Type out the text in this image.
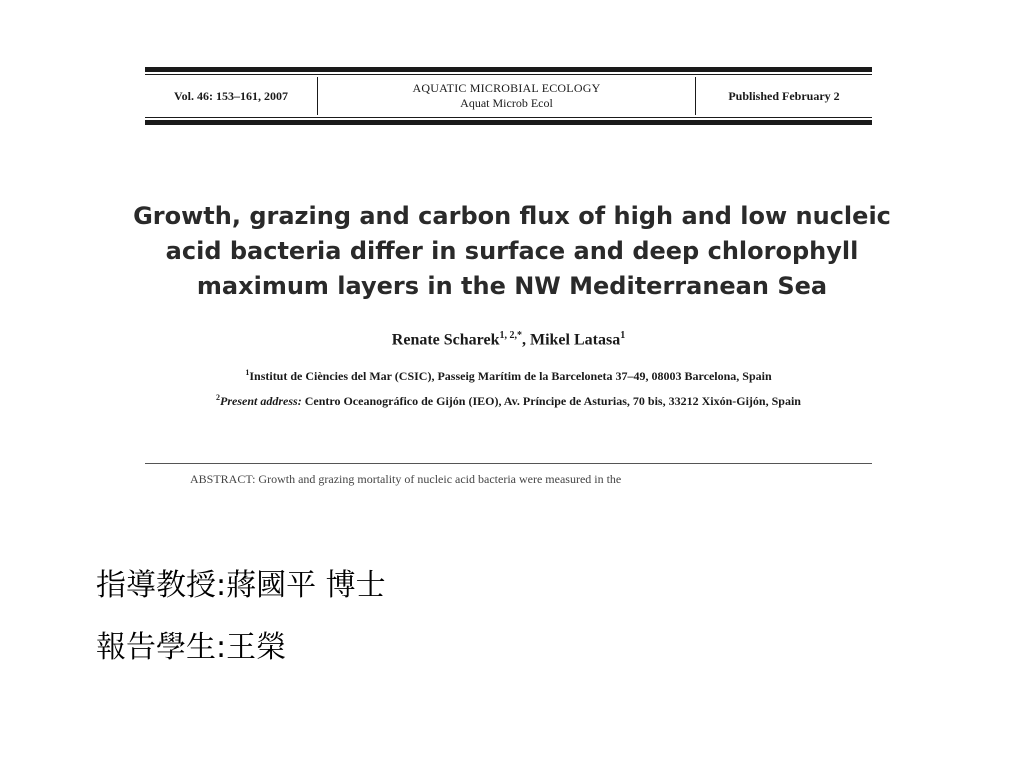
Vol. 46: 153–161, 2007
AQUATIC MICROBIAL ECOLOGY
Aquat Microb Ecol
Published February 2
Growth, grazing and carbon flux of high and low nucleic acid bacteria differ in surface and deep chlorophyll maximum layers in the NW Mediterranean Sea
Renate Scharek$^{1, 2,*}$, Mikel Latasa$^1$
$^1$Institut de Ciències del Mar (CSIC), Passeig Marítim de la Barceloneta 37–49, 08003 Barcelona, Spain
$^2$Present address: Centro Oceanográfico de Gijón (IEO), Av. Príncipe de Asturias, 70 bis, 33212 Xixón-Gijón, Spain
ABSTRACT: Growth and grazing mortality of nucleic acid bacteria were measured in the

指導教授:蔣國平 博士

報告學生:王榮
